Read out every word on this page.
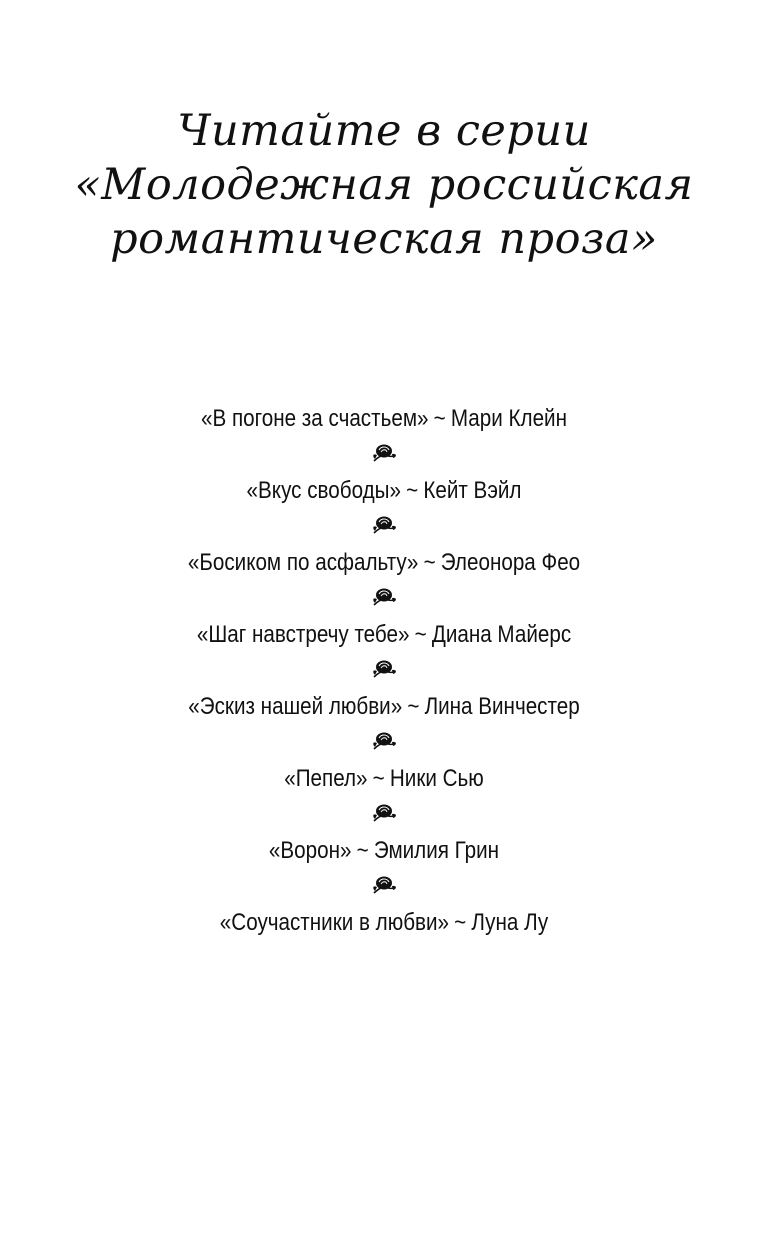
Читайте в серии
«Молодежная российская
романтическая проза»
«В погоне за счастьем» ~ Мари Клейн
«Вкус свободы» ~ Кейт Вэйл
«Босиком по асфальту» ~ Элеонора Фео
«Шаг навстречу тебе» ~ Диана Майерс
«Эскиз нашей любви» ~ Лина Винчестер
«Пепел» ~ Ники Сью
«Ворон» ~ Эмилия Грин
«Соучастники в любви» ~ Луна Лу
